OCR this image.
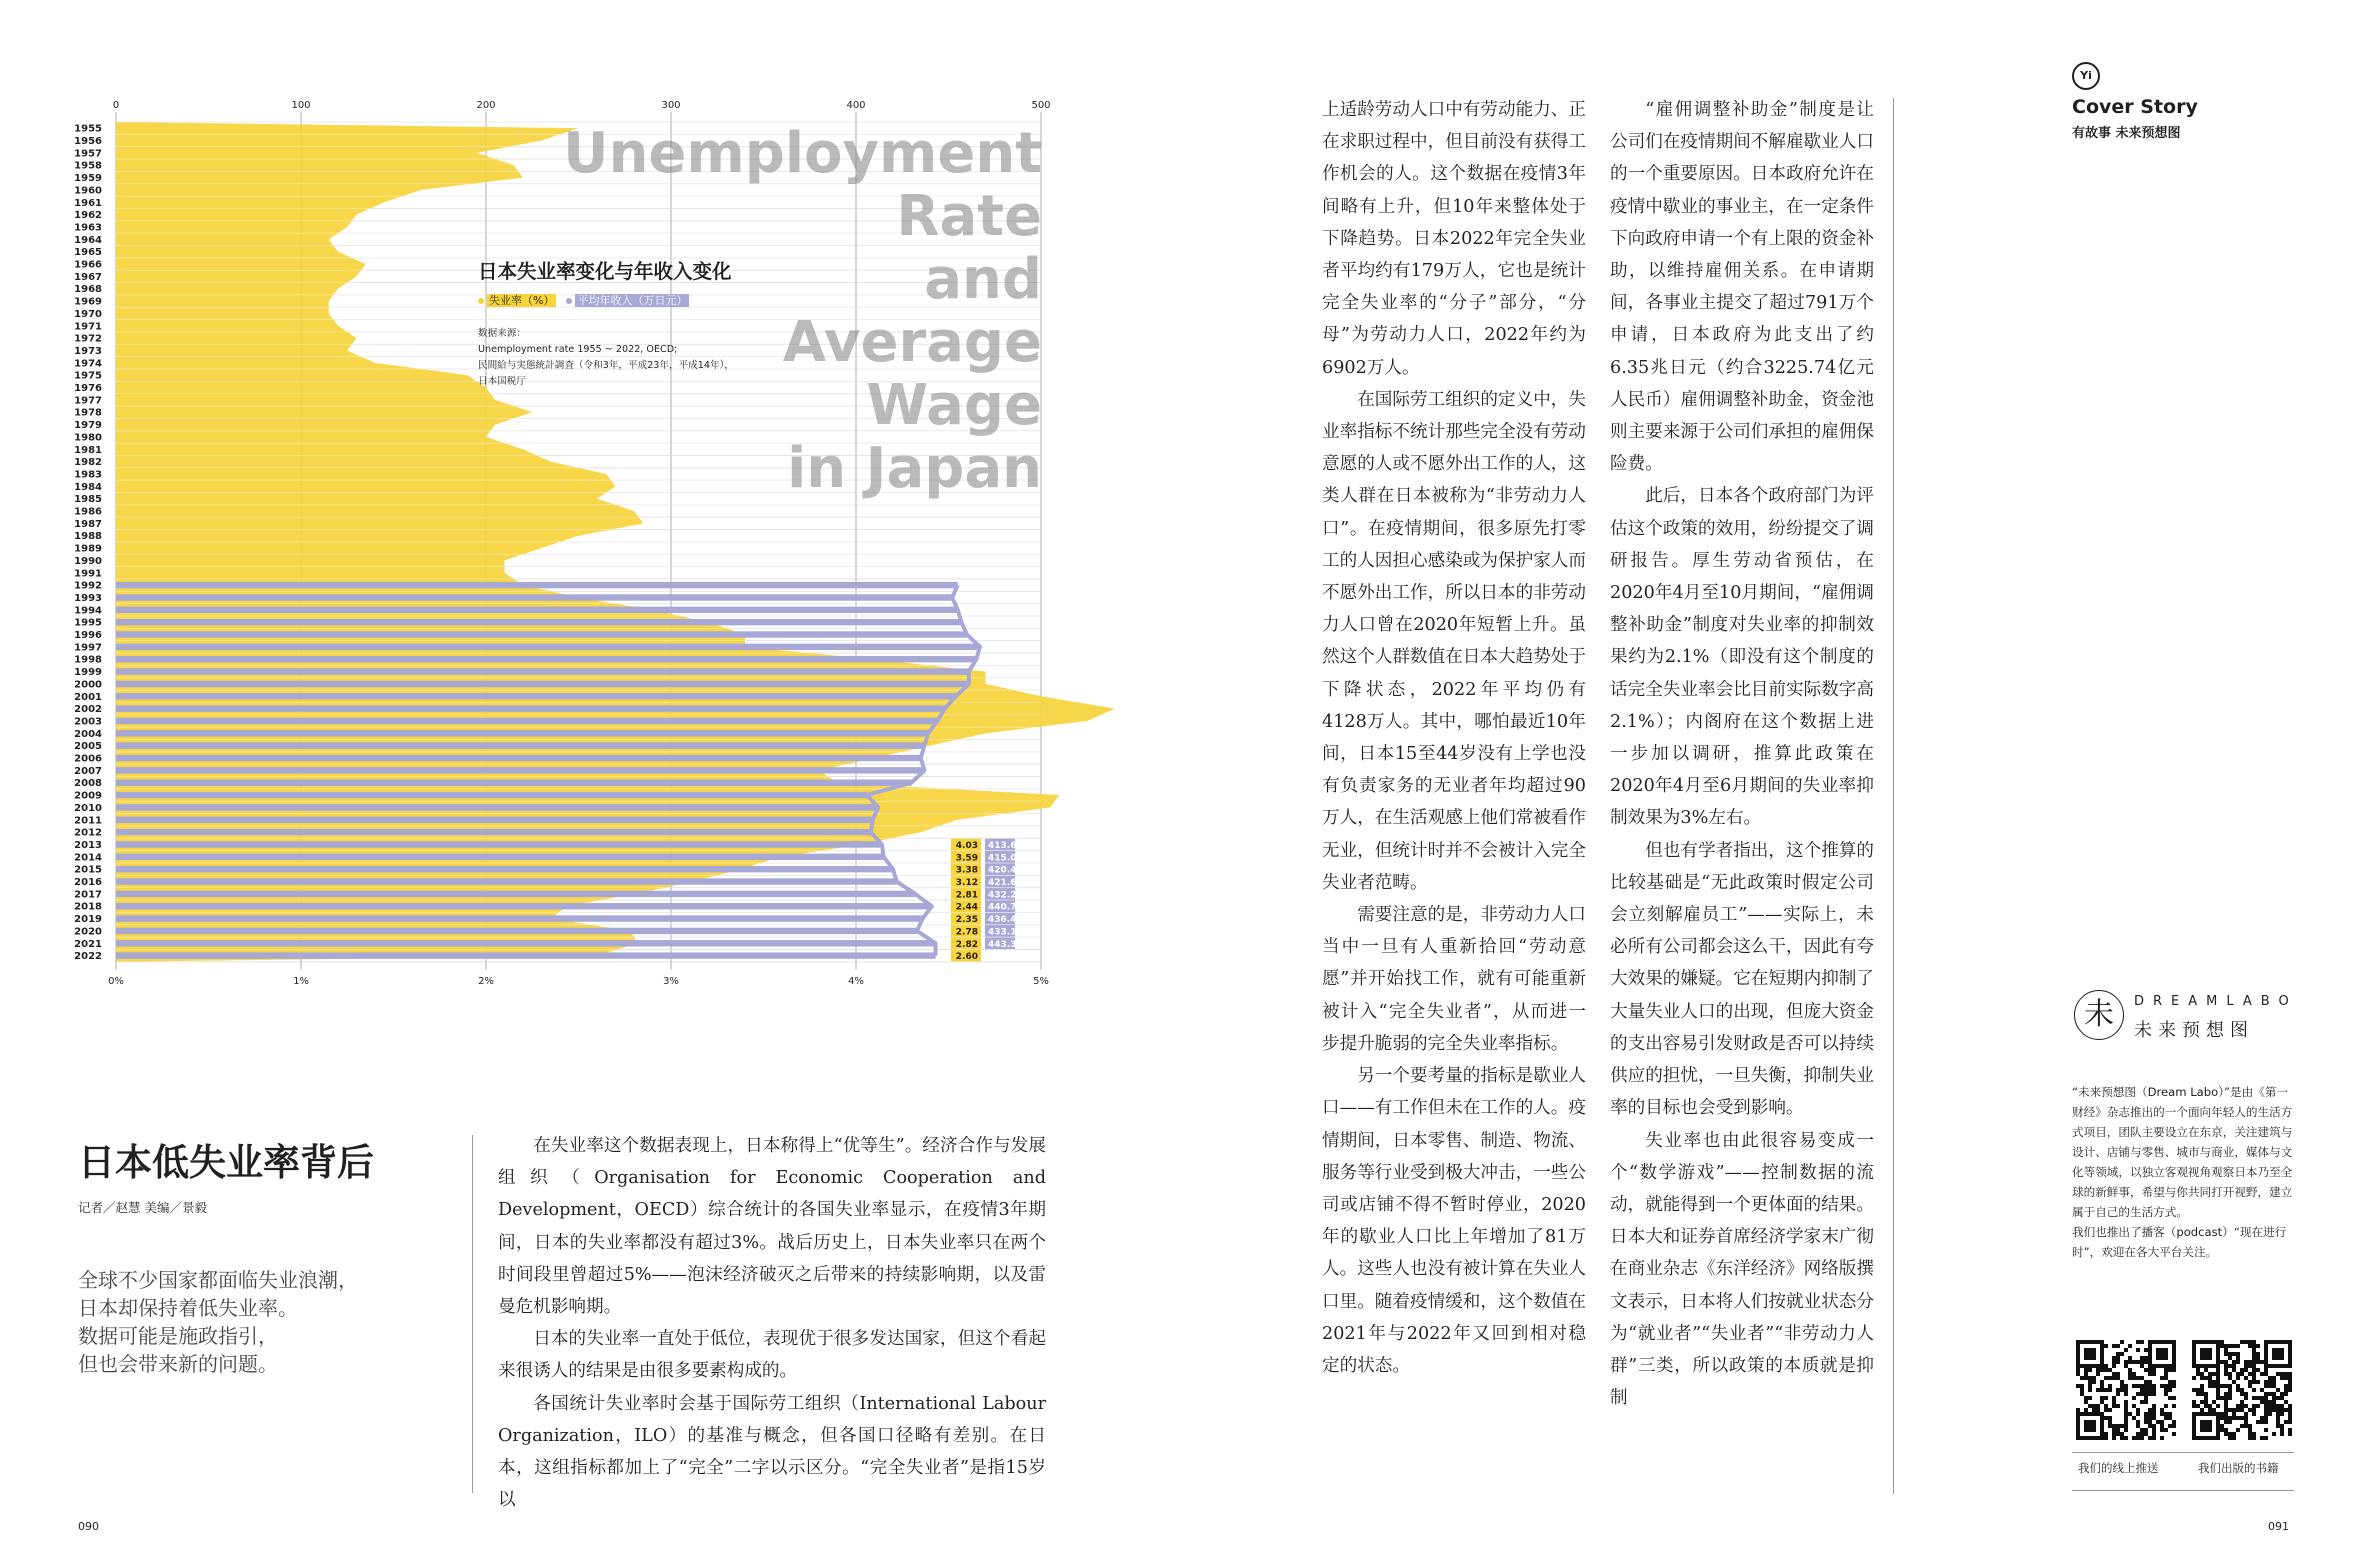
0	100	200	300	400	500
0%	1%	2%	3%	4%	5%
1955
1956
1957
1958
1959
1960
1961
1962
1963
1964
1965
1966
1967
1968
1969
1970
1971
1972
1973
1974
1975
1976
1977
1978
1979
1980
1981
1982
1983
1984
1985
1986
1987
1988
1989
1990
1991
1992
1993
1994
1995
1996
1997
1998
1999
2000
2001
2002
2003
2004
2005
2006
2007
2008
2009
2010
2011
2012
2013
2014
2015
2016
2017
2018
2019
2020
2021
2022
4.03 413.6
3.59 415.0
3.38 420.4
3.12 421.6
2.81 432.2
2.44 440.7
2.35 436.4
2.78 433.1
2.82 443.3
2.60
Unemployment
Rate
and
Average
Wage
in Japan
日本失业率变化与年收入变化
失业率（%）	平均年收入（万日元）
数据来源：
Unemployment rate 1955 ~ 2022, OECD;
民間給与実態統計調査（令和3年，平成23年，平成14年），
日本国税厅
日本低失业率背后
记者／赵慧 美编／景毅
全球不少国家都面临失业浪潮，
日本却保持着低失业率。
数据可能是施政指引，
但也会带来新的问题。

在失业率这个数据表现上，日本称得上“优等生”。经济合作与发展组织（Organisation for Economic Cooperation and Development，OECD）综合统计的各国失业率显示，在疫情3年期间，日本的失业率都没有超过3%。战后历史上，日本失业率只在两个时间段里曾超过5%——泡沫经济破灭之后带来的持续影响期，以及雷曼危机影响期。

日本的失业率一直处于低位，表现优于很多发达国家，但这个看起来很诱人的结果是由很多要素构成的。

各国统计失业率时会基于国际劳工组织（International Labour Organization，ILO）的基准与概念，但各国口径略有差别。在日本，这组指标都加上了“完全”二字以示区分。“完全失业者”是指15岁以

上适龄劳动人口中有劳动能力、正在求职过程中，但目前没有获得工作机会的人。这个数据在疫情3年间略有上升，但10年来整体处于下降趋势。日本2022年完全失业者平均约有179万人，它也是统计完全失业率的“分子”部分，“分母”为劳动力人口，2022年约为6902万人。

在国际劳工组织的定义中，失业率指标不统计那些完全没有劳动意愿的人或不愿外出工作的人，这类人群在日本被称为“非劳动力人口”。在疫情期间，很多原先打零工的人因担心感染或为保护家人而不愿外出工作，所以日本的非劳动力人口曾在2020年短暂上升。虽然这个人群数值在日本大趋势处于下降状态，2022年平均仍有4128万人。其中，哪怕最近10年间，日本15至44岁没有上学也没有负责家务的无业者年均超过90万人，在生活观感上他们常被看作无业，但统计时并不会被计入完全失业者范畴。

需要注意的是，非劳动力人口当中一旦有人重新拾回“劳动意愿”并开始找工作，就有可能重新被计入“完全失业者”，从而进一步提升脆弱的完全失业率指标。

另一个要考量的指标是歇业人口——有工作但未在工作的人。疫情期间，日本零售、制造、物流、服务等行业受到极大冲击，一些公司或店铺不得不暂时停业，2020年的歇业人口比上年增加了81万人。这些人也没有被计算在失业人口里。随着疫情缓和，这个数值在2021年与2022年又回到相对稳定的状态。

“雇佣调整补助金”制度是让公司们在疫情期间不解雇歇业人口的一个重要原因。日本政府允许在疫情中歇业的事业主，在一定条件下向政府申请一个有上限的资金补助，以维持雇佣关系。在申请期间，各事业主提交了超过791万个申请，日本政府为此支出了约6.35兆日元（约合3225.74亿元人民币）雇佣调整补助金，资金池则主要来源于公司们承担的雇佣保险费。

此后，日本各个政府部门为评估这个政策的效用，纷纷提交了调研报告。厚生劳动省预估，在2020年4月至10月期间，“雇佣调整补助金”制度对失业率的抑制效果约为2.1%（即没有这个制度的话完全失业率会比目前实际数字高2.1%）；内阁府在这个数据上进一步加以调研，推算此政策在2020年4月至6月期间的失业率抑制效果为3%左右。

但也有学者指出，这个推算的比较基础是“无此政策时假定公司会立刻解雇员工”——实际上，未必所有公司都会这么干，因此有夸大效果的嫌疑。它在短期内抑制了大量失业人口的出现，但庞大资金的支出容易引发财政是否可以持续供应的担忧，一旦失衡，抑制失业率的目标也会受到影响。

失业率也由此很容易变成一个“数学游戏”——控制数据的流动，就能得到一个更体面的结果。日本大和证券首席经济学家末广彻在商业杂志《东洋经济》网络版撰文表示，日本将人们按就业状态分为“就业者”“失业者”“非劳动力人群”三类，所以政策的本质就是抑制

Yi
Cover Story
有故事 未来预想图
未	DREAMLABO
未来预想图
“未来预想图（Dream Labo）”是由《第一财经》杂志推出的一个面向年轻人的生活方式项目，团队主要设立在东京，关注建筑与设计、店铺与零售、城市与商业，媒体与文化等领域，以独立客观视角观察日本乃至全球的新鲜事，希望与你共同打开视野，建立属于自己的生活方式。
我们也推出了播客（podcast）“现在进行时”，欢迎在各大平台关注。
我们的线上推送	我们出版的书籍
090	091
